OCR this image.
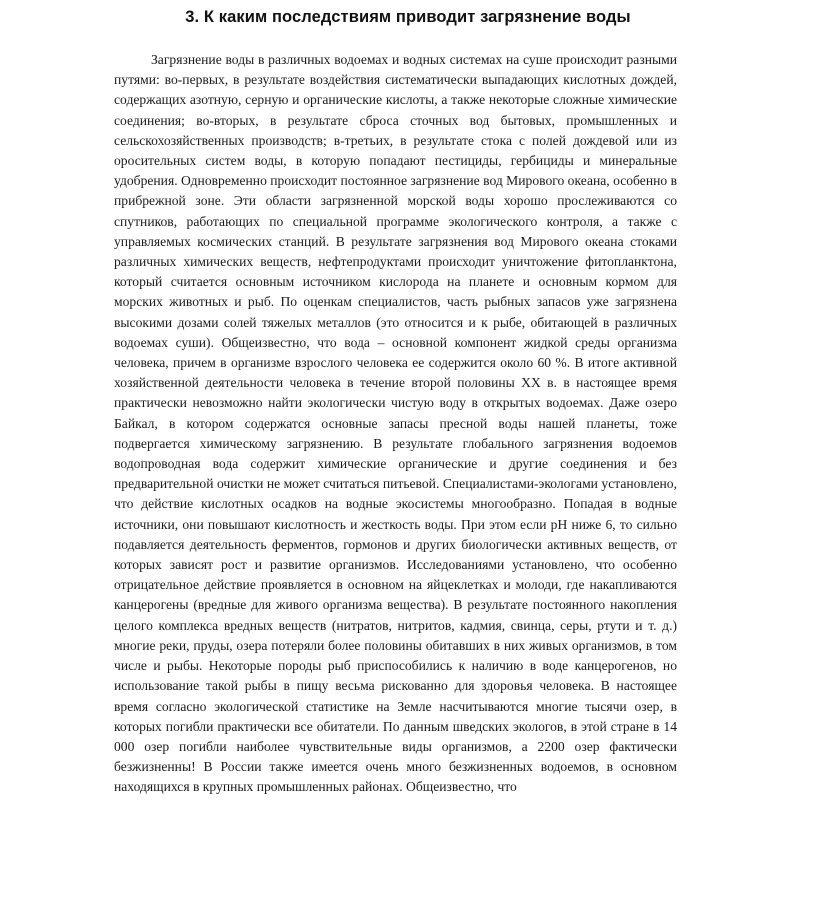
3. К каким последствиям приводит загрязнение воды

Загрязнение воды в различных водоемах и водных системах на суше происходит разными путями: во-первых, в результате воздействия систематически выпадающих кислотных дождей, содержащих азотную, серную и органические кислоты, а также некоторые сложные химические соединения; во-вторых, в результате сброса сточных вод бытовых, промышленных и сельскохозяйственных производств; в-третьих, в результате стока с полей дождевой или из оросительных систем воды, в которую попадают пестициды, гербициды и минеральные удобрения. Одновременно происходит постоянное загрязнение вод Мирового океана, особенно в прибрежной зоне. Эти области загрязненной морской воды хорошо прослеживаются со спутников, работающих по специальной программе экологического контроля, а также с управляемых космических станций. В результате загрязнения вод Мирового океана стоками различных химических веществ, нефтепродуктами происходит уничтожение фитопланктона, который считается основным источником кислорода на планете и основным кормом для морских животных и рыб. По оценкам специалистов, часть рыбных запасов уже загрязнена высокими дозами солей тяжелых металлов (это относится и к рыбе, обитающей в различных водоемах суши). Общеизвестно, что вода – основной компонент жидкой среды организма человека, причем в организме взрослого человека ее содержится около 60 %. В итоге активной хозяйственной деятельности человека в течение второй половины XX в. в настоящее время практически невозможно найти экологически чистую воду в открытых водоемах. Даже озеро Байкал, в котором содержатся основные запасы пресной воды нашей планеты, тоже подвергается химическому загрязнению. В результате глобального загрязнения водоемов водопроводная вода содержит химические органические и другие соединения и без предварительной очистки не может считаться питьевой. Специалистами-экологами установлено, что действие кислотных осадков на водные экосистемы многообразно. Попадая в водные источники, они повышают кислотность и жесткость воды. При этом если pH ниже 6, то сильно подавляется деятельность ферментов, гормонов и других биологически активных веществ, от которых зависят рост и развитие организмов. Исследованиями установлено, что особенно отрицательное действие проявляется в основном на яйцеклетках и молоди, где накапливаются канцерогены (вредные для живого организма вещества). В результате постоянного накопления целого комплекса вредных веществ (нитратов, нитритов, кадмия, свинца, серы, ртути и т. д.) многие реки, пруды, озера потеряли более половины обитавших в них живых организмов, в том числе и рыбы. Некоторые породы рыб приспособились к наличию в воде канцерогенов, но использование такой рыбы в пищу весьма рискованно для здоровья человека. В настоящее время согласно экологической статистике на Земле насчитываются многие тысячи озер, в которых погибли практически все обитатели. По данным шведских экологов, в этой стране в 14 000 озер погибли наиболее чувствительные виды организмов, а 2200 озер фактически безжизненны! В России также имеется очень много безжизненных водоемов, в основном находящихся в крупных промышленных районах. Общеизвестно, что
